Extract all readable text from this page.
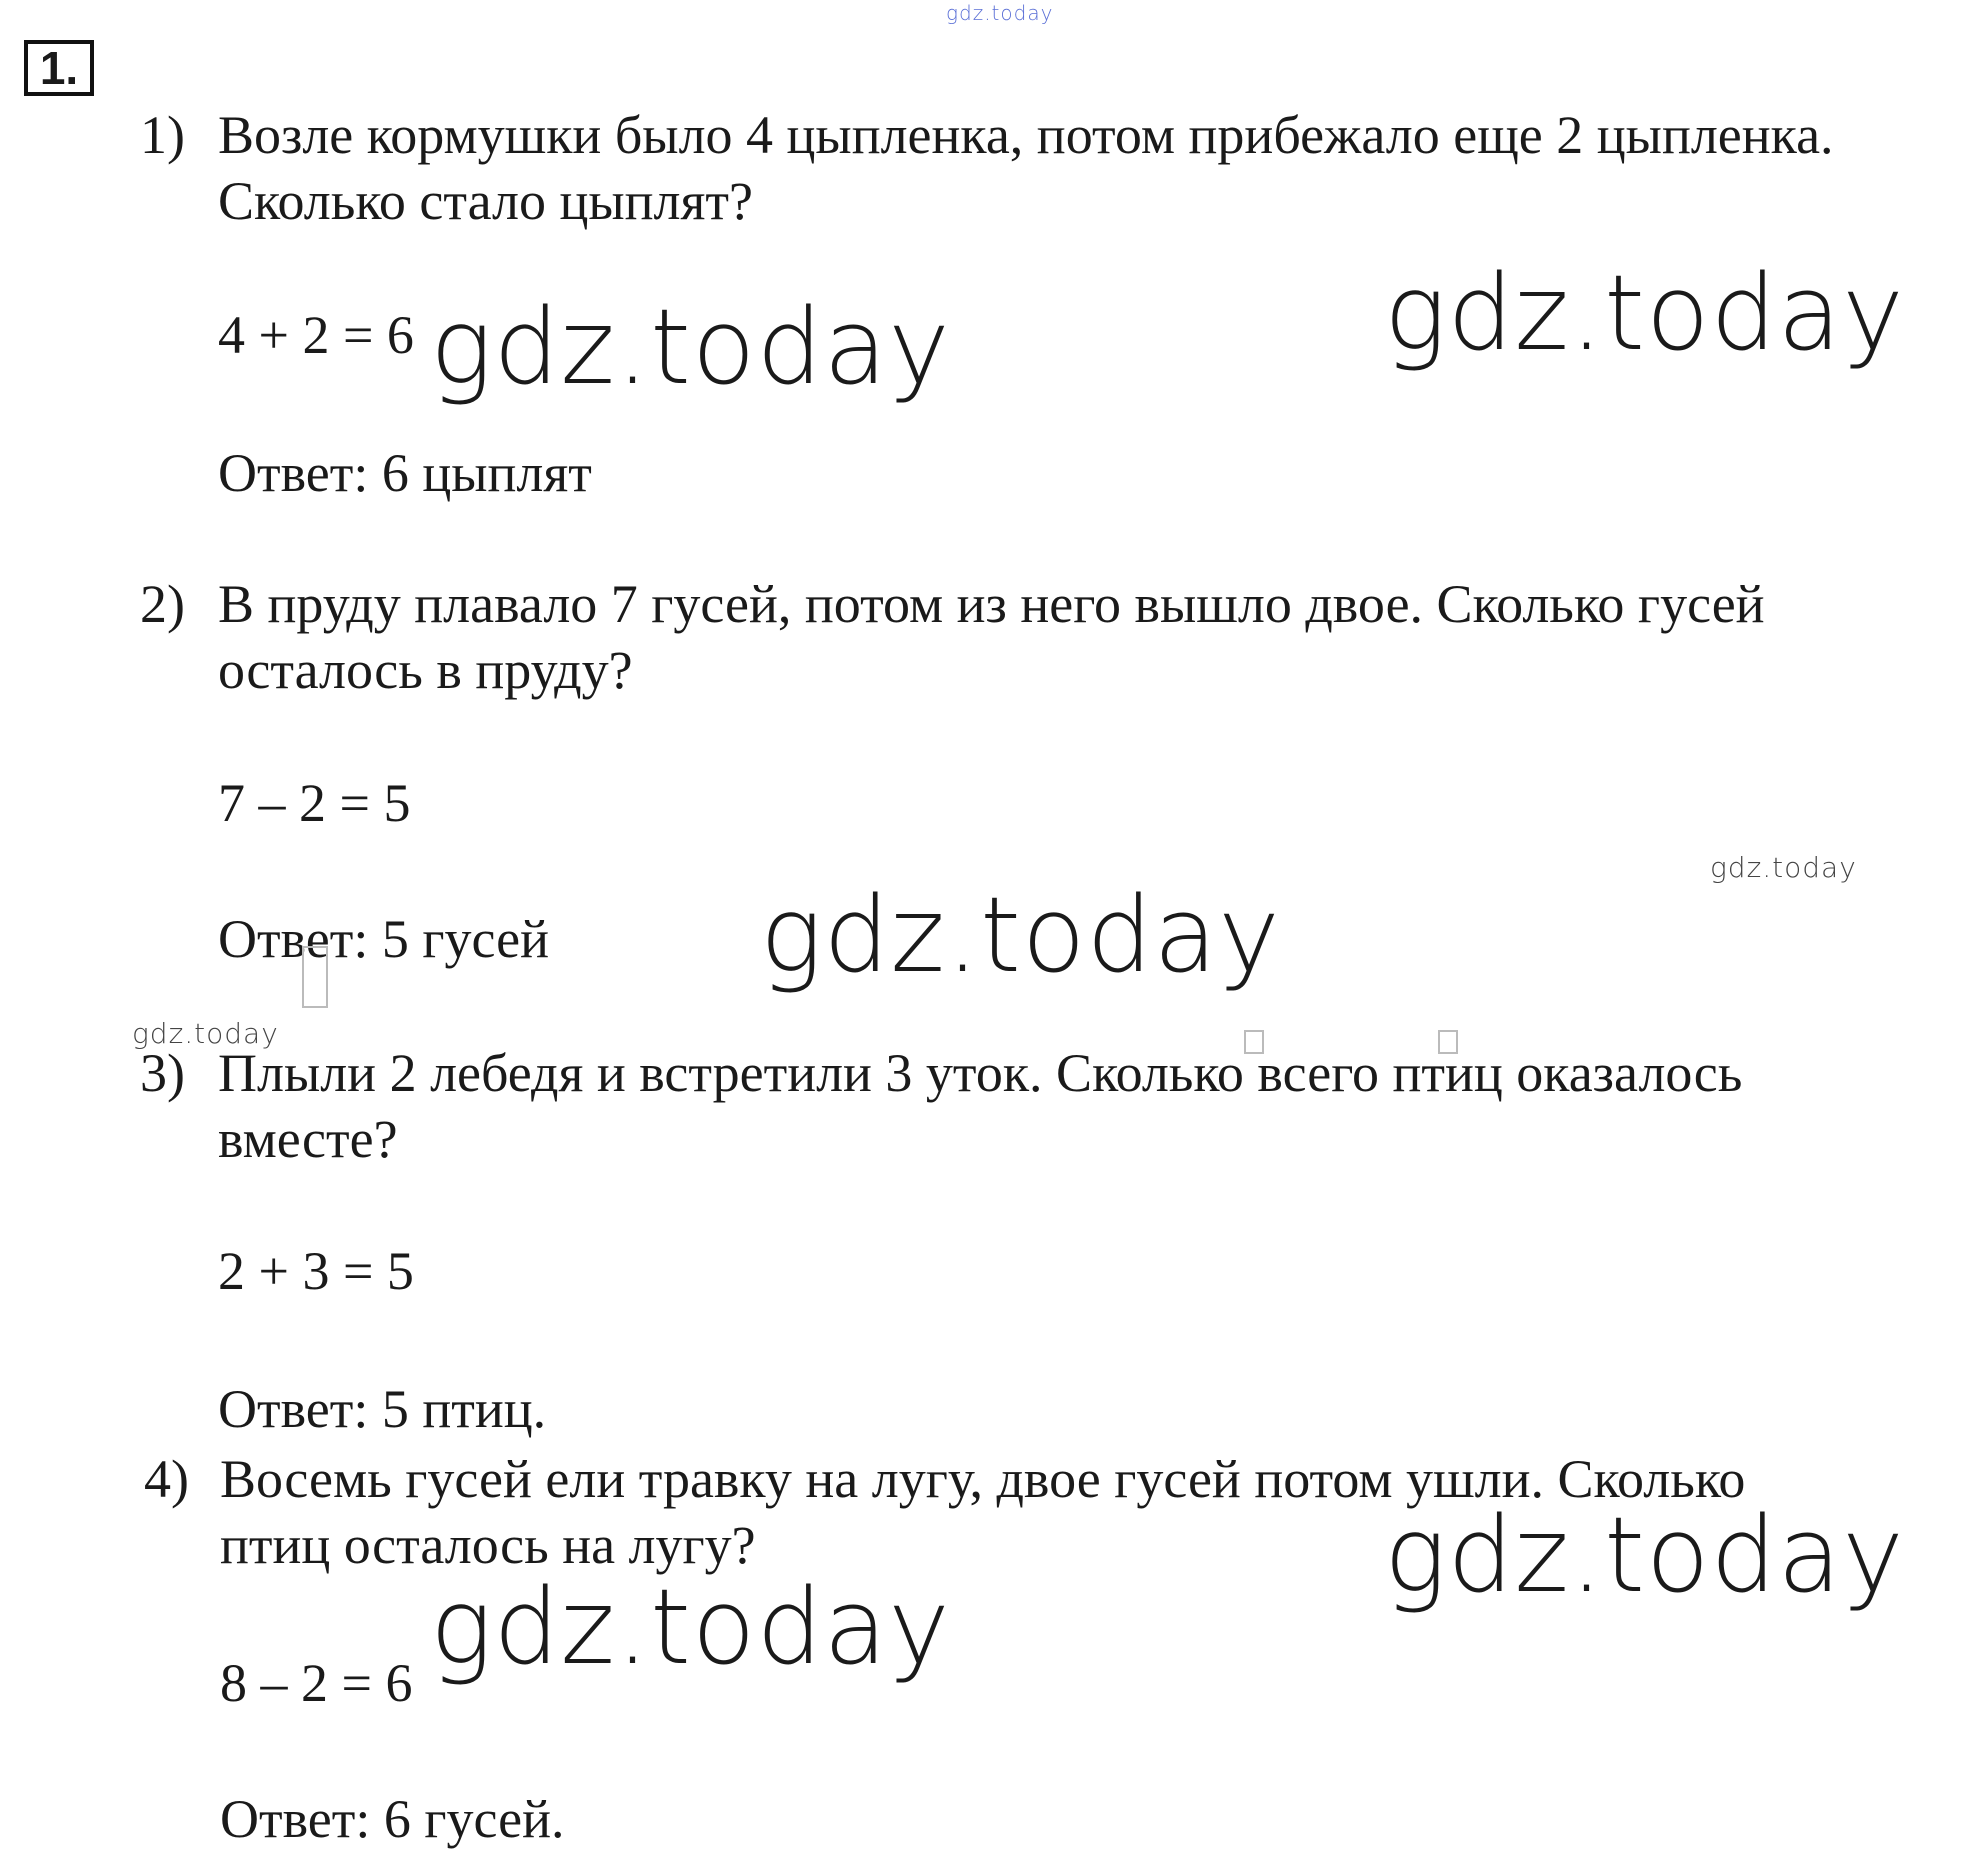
gdz.today
1.
1) Возле кормушки было 4 цыпленка, потом прибежало еще 2 цыпленка.
Сколько стало цыплят?
4 + 2 = 6 gdz.today	gdz.today
Ответ: 6 цыплят
2) В пруду плавало 7 гусей, потом из него вышло двое. Сколько гусей
осталось в пруду?
7 – 2 = 5
gdz.today
Ответ: 5 гусей gdz.today
gdz.today
3) Плыли 2 лебедя и встретили 3 уток. Сколько всего птиц оказалось
вместе?
2 + 3 = 5
Ответ: 5 птиц.
4) Восемь гусей ели травку на лугу, двое гусей потом ушли. Сколько
птиц осталось на лугу?	gdz.today
gdz.today
8 – 2 = 6
Ответ: 6 гусей.
